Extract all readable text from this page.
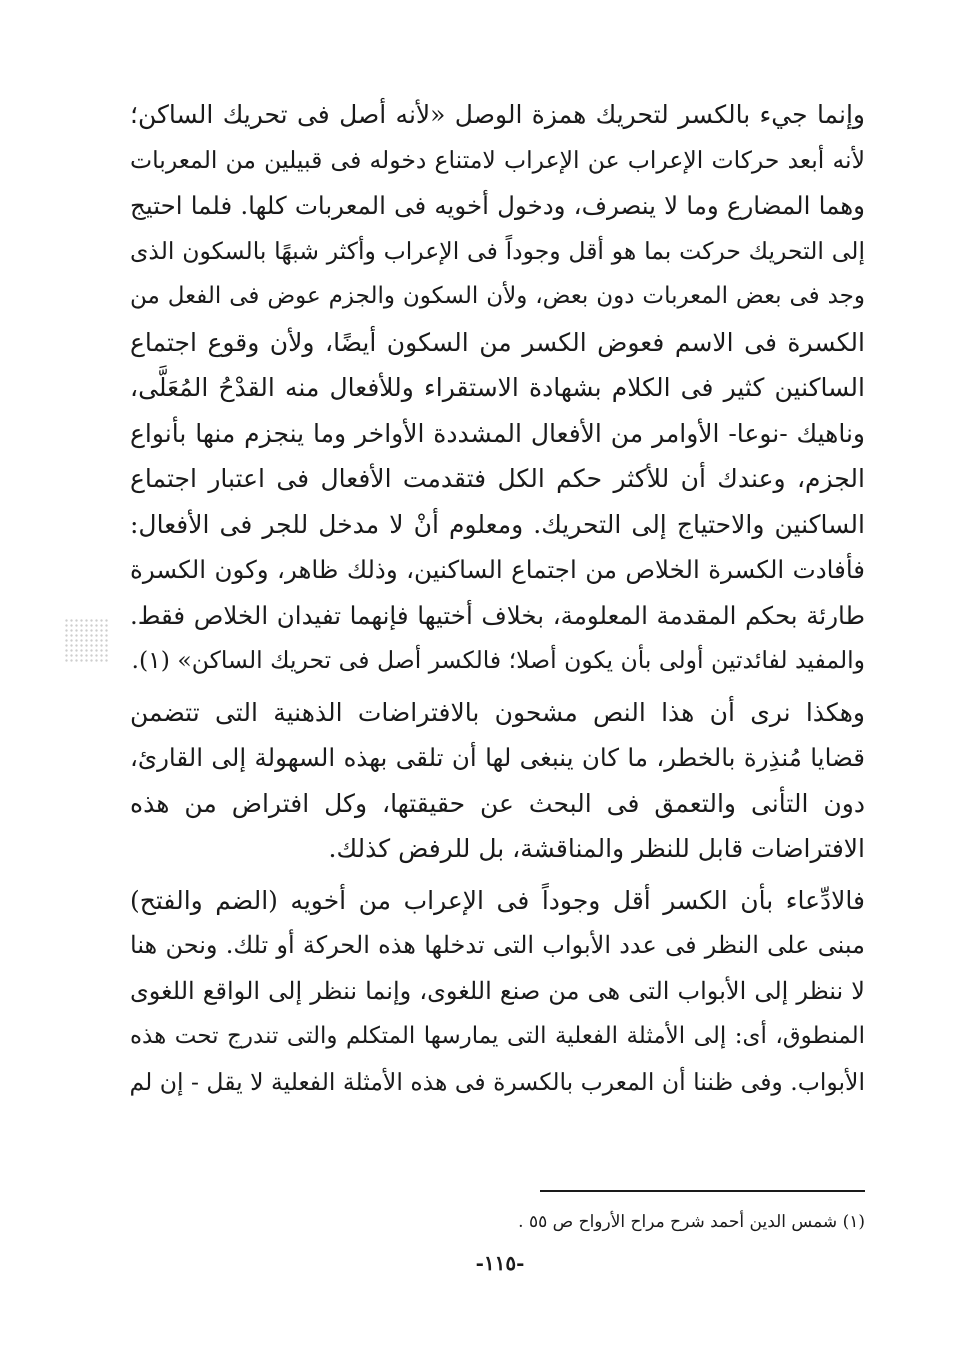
وإنما جيء بالكسر لتحريك همزة الوصل «لأنه أصل فى تحريك الساكن؛
لأنه أبعد حركات الإعراب عن الإعراب لامتناع دخوله فى قبيلين من المعربات
وهما المضارع وما لا ينصرف، ودخول أخويه فى المعربات كلها. فلما احتيج
إلى التحريك حركت بما هو أقل وجوداً فى الإعراب وأكثر شبهًا بالسكون الذى
وجد فى بعض المعربات دون بعض، ولأن السكون والجزم عوض فى الفعل من
الكسرة فى الاسم فعوض الكسر من السكون أيضًا، ولأن وقوع اجتماع
الساكنين كثير فى الكلام بشهادة الاستقراء وللأفعال منه القدْحُ المُعَلَّى،
وناهيك -نوعا- الأوامر من الأفعال المشددة الأواخر وما ينجزم منها بأنواع
الجزم، وعندك أن للأكثر حكم الكل فتقدمت الأفعال فى اعتبار اجتماع
الساكنين والاحتياج إلى التحريك. ومعلوم أنْ لا مدخل للجر فى الأفعال:
فأفادت الكسرة الخلاص من اجتماع الساكنين، وذلك ظاهر، وكون الكسرة
طارئة بحكم المقدمة المعلومة، بخلاف أختيها فإنهما تفيدان الخلاص فقط.
والمفيد لفائدتين أولى بأن يكون أصلا؛ فالكسر أصل فى تحريك الساكن» (١).
وهكذا نرى أن هذا النص مشحون بالافتراضات الذهنية التى تتضمن
قضايا مُنذِرة بالخطر، ما كان ينبغى لها أن تلقى بهذه السهولة إلى القارئ،
دون التأنى والتعمق فى البحث عن حقيقتها، وكل افتراض من هذه
الافتراضات قابل للنظر والمناقشة، بل للرفض كذلك.
فالادِّعاء بأن الكسر أقل وجوداً فى الإعراب من أخويه (الضم والفتح)
مبنى على النظر فى عدد الأبواب التى تدخلها هذه الحركة أو تلك. ونحن هنا
لا ننظر إلى الأبواب التى هى من صنع اللغوى، وإنما ننظر إلى الواقع اللغوى
المنطوق، أى: إلى الأمثلة الفعلية التى يمارسها المتكلم والتى تندرج تحت هذه
الأبواب. وفى ظننا أن المعرب بالكسرة فى هذه الأمثلة الفعلية لا يقل - إن لم
(١) شمس الدين أحمد شرح مراح الأرواح ص ٥٥ .
-١١٥-
